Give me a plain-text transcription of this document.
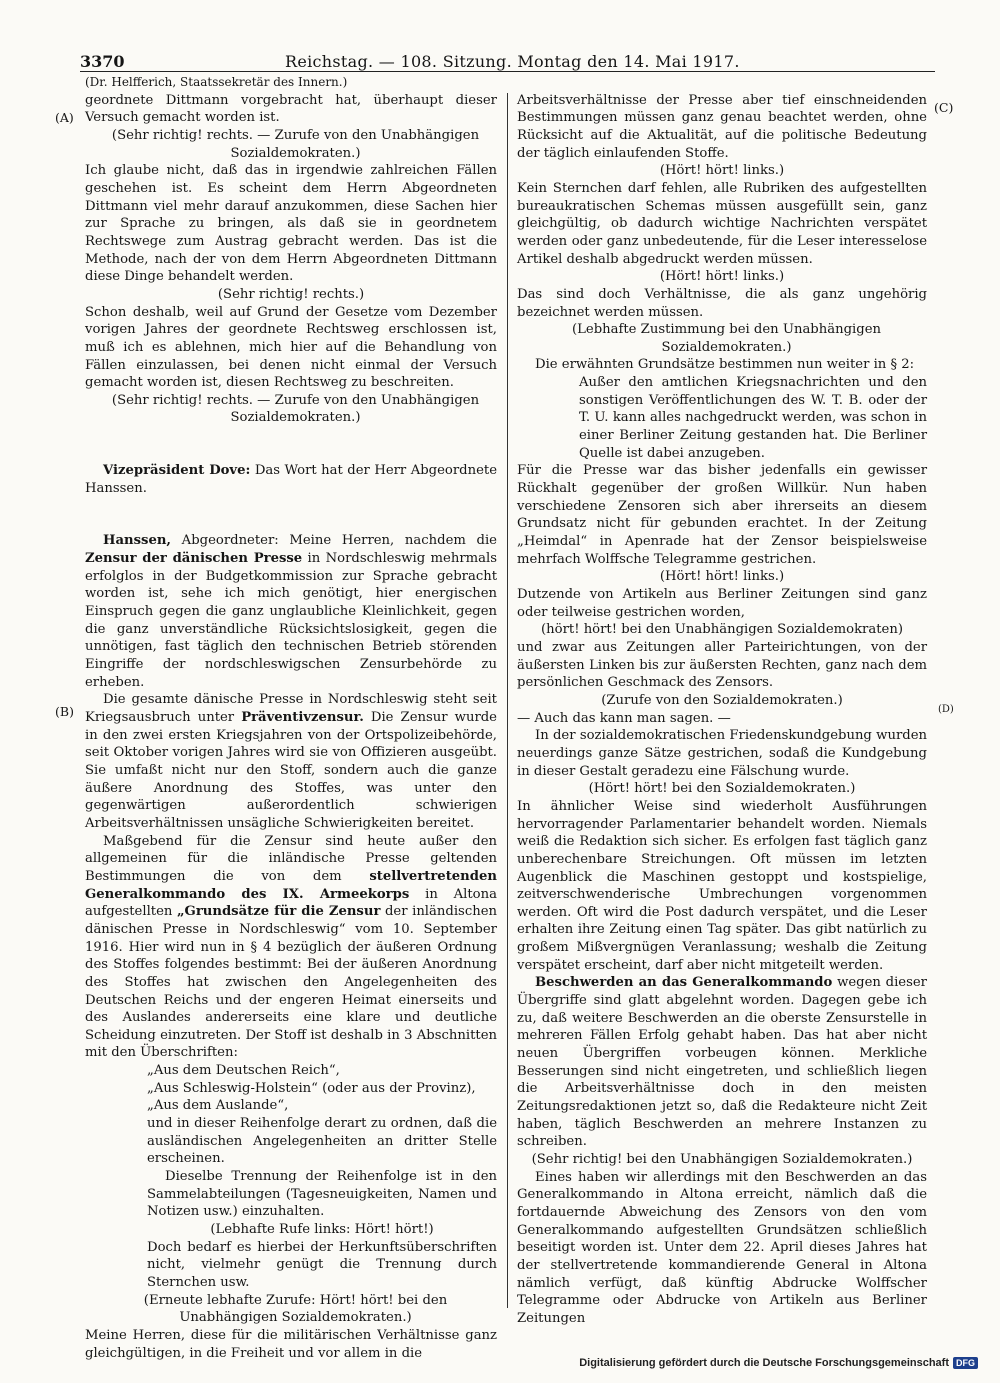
3370	Reichstag. — 108. Sitzung. Montag den 14. Mai 1917.
(A)
(B)
(C)
(D)

(Dr. Helfferich, Staatssekretär des Innern.)

geordnete Dittmann vorgebracht hat, überhaupt dieser Versuch gemacht worden ist.

(Sehr richtig! rechts. — Zurufe von den Unabhängigen Sozialdemokraten.)

Ich glaube nicht, daß das in irgendwie zahlreichen Fällen geschehen ist. Es scheint dem Herrn Abgeordneten Dittmann viel mehr darauf anzukommen, diese Sachen hier zur Sprache zu bringen, als daß sie in geordnetem Rechtswege zum Austrag gebracht werden. Das ist die Methode, nach der von dem Herrn Abgeordneten Dittmann diese Dinge behandelt werden.

(Sehr richtig! rechts.)

Schon deshalb, weil auf Grund der Gesetze vom Dezember vorigen Jahres der geordnete Rechtsweg erschlossen ist, muß ich es ablehnen, mich hier auf die Behandlung von Fällen einzulassen, bei denen nicht einmal der Versuch gemacht worden ist, diesen Rechtsweg zu beschreiten.

(Sehr richtig! rechts. — Zurufe von den Unabhängigen Sozialdemokraten.)

Vizepräsident Dove: Das Wort hat der Herr Abgeordnete Hanssen.

Hanssen, Abgeordneter: Meine Herren, nachdem die Zensur der dänischen Presse in Nordschleswig mehrmals erfolglos in der Budgetkommission zur Sprache gebracht worden ist, sehe ich mich genötigt, hier energischen Einspruch gegen die ganz unglaubliche Kleinlichkeit, gegen die ganz unverständliche Rücksichtslosigkeit, gegen die unnötigen, fast täglich den technischen Betrieb störenden Eingriffe der nordschleswigschen Zensurbehörde zu erheben.

Die gesamte dänische Presse in Nordschleswig steht seit Kriegsausbruch unter Präventivzensur. Die Zensur wurde in den zwei ersten Kriegsjahren von der Ortspolizeibehörde, seit Oktober vorigen Jahres wird sie von Offizieren ausgeübt. Sie umfaßt nicht nur den Stoff, sondern auch die ganze äußere Anordnung des Stoffes, was unter den gegenwärtigen außerordentlich schwierigen Arbeitsverhältnissen unsägliche Schwierigkeiten bereitet.

Maßgebend für die Zensur sind heute außer den allgemeinen für die inländische Presse geltenden Bestimmungen die von dem stellvertretenden Generalkommando des IX. Armeekorps in Altona aufgestellten „Grundsätze für die Zensur der inländischen dänischen Presse in Nordschleswig“ vom 10. September 1916. Hier wird nun in § 4 bezüglich der äußeren Ordnung des Stoffes folgendes bestimmt: Bei der äußeren Anordnung des Stoffes hat zwischen den Angelegenheiten des Deutschen Reichs und der engeren Heimat einerseits und des Auslandes andererseits eine klare und deutliche Scheidung einzutreten. Der Stoff ist deshalb in 3 Abschnitten mit den Überschriften:

„Aus dem Deutschen Reich“,

„Aus Schleswig-Holstein“ (oder aus der Provinz),

„Aus dem Auslande“,

und in dieser Reihenfolge derart zu ordnen, daß die ausländischen Angelegenheiten an dritter Stelle erscheinen.

Dieselbe Trennung der Reihenfolge ist in den Sammelabteilungen (Tagesneuigkeiten, Namen und Notizen usw.) einzuhalten.

(Lebhafte Rufe links: Hört! hört!)

Doch bedarf es hierbei der Herkunftsüberschriften nicht, vielmehr genügt die Trennung durch Sternchen usw.

(Erneute lebhafte Zurufe: Hört! hört! bei den Unabhängigen Sozialdemokraten.)

Meine Herren, diese für die militärischen Verhältnisse ganz gleichgültigen, in die Freiheit und vor allem in die

Arbeitsverhältnisse der Presse aber tief einschneidenden Bestimmungen müssen ganz genau beachtet werden, ohne Rücksicht auf die Aktualität, auf die politische Bedeutung der täglich einlaufenden Stoffe.

(Hört! hört! links.)

Kein Sternchen darf fehlen, alle Rubriken des aufgestellten bureaukratischen Schemas müssen ausgefüllt sein, ganz gleichgültig, ob dadurch wichtige Nachrichten verspätet werden oder ganz unbedeutende, für die Leser interesselose Artikel deshalb abgedruckt werden müssen.

(Hört! hört! links.)

Das sind doch Verhältnisse, die als ganz ungehörig bezeichnet werden müssen.

(Lebhafte Zustimmung bei den Unabhängigen Sozialdemokraten.)

Die erwähnten Grundsätze bestimmen nun weiter in § 2:

Außer den amtlichen Kriegsnachrichten und den sonstigen Veröffentlichungen des W. T. B. oder der T. U. kann alles nachgedruckt werden, was schon in einer Berliner Zeitung gestanden hat. Die Berliner Quelle ist dabei anzugeben.

Für die Presse war das bisher jedenfalls ein gewisser Rückhalt gegenüber der großen Willkür. Nun haben verschiedene Zensoren sich aber ihrerseits an diesem Grundsatz nicht für gebunden erachtet. In der Zeitung „Heimdal“ in Apenrade hat der Zensor beispielsweise mehrfach Wolffsche Telegramme gestrichen.

(Hört! hört! links.)

Dutzende von Artikeln aus Berliner Zeitungen sind ganz oder teilweise gestrichen worden,

(hört! hört! bei den Unabhängigen Sozialdemokraten)

und zwar aus Zeitungen aller Parteirichtungen, von der äußersten Linken bis zur äußersten Rechten, ganz nach dem persönlichen Geschmack des Zensors.

(Zurufe von den Sozialdemokraten.)

— Auch das kann man sagen. —

In der sozialdemokratischen Friedenskundgebung wurden neuerdings ganze Sätze gestrichen, sodaß die Kundgebung in dieser Gestalt geradezu eine Fälschung wurde.

(Hört! hört! bei den Sozialdemokraten.)

In ähnlicher Weise sind wiederholt Ausführungen hervorragender Parlamentarier behandelt worden. Niemals weiß die Redaktion sich sicher. Es erfolgen fast täglich ganz unberechenbare Streichungen. Oft müssen im letzten Augenblick die Maschinen gestoppt und kostspielige, zeitverschwenderische Umbrechungen vorgenommen werden. Oft wird die Post dadurch verspätet, und die Leser erhalten ihre Zeitung einen Tag später. Das gibt natürlich zu großem Mißvergnügen Veranlassung; weshalb die Zeitung verspätet erscheint, darf aber nicht mitgeteilt werden.

Beschwerden an das Generalkommando wegen dieser Übergriffe sind glatt abgelehnt worden. Dagegen gebe ich zu, daß weitere Beschwerden an die oberste Zensurstelle in mehreren Fällen Erfolg gehabt haben. Das hat aber nicht neuen Übergriffen vorbeugen können. Merkliche Besserungen sind nicht eingetreten, und schließlich liegen die Arbeitsverhältnisse doch in den meisten Zeitungsredaktionen jetzt so, daß die Redakteure nicht Zeit haben, täglich Beschwerden an mehrere Instanzen zu schreiben.

(Sehr richtig! bei den Unabhängigen Sozialdemokraten.)

Eines haben wir allerdings mit den Beschwerden an das Generalkommando in Altona erreicht, nämlich daß die fortdauernde Abweichung des Zensors von den vom Generalkommando aufgestellten Grundsätzen schließlich beseitigt worden ist. Unter dem 22. April dieses Jahres hat der stellvertretende kommandierende General in Altona nämlich verfügt, daß künftig Abdrucke Wolffscher Telegramme oder Abdrucke von Artikeln aus Berliner Zeitungen

Digitalisierung gefördert durch die Deutsche Forschungsgemeinschaft DFG
